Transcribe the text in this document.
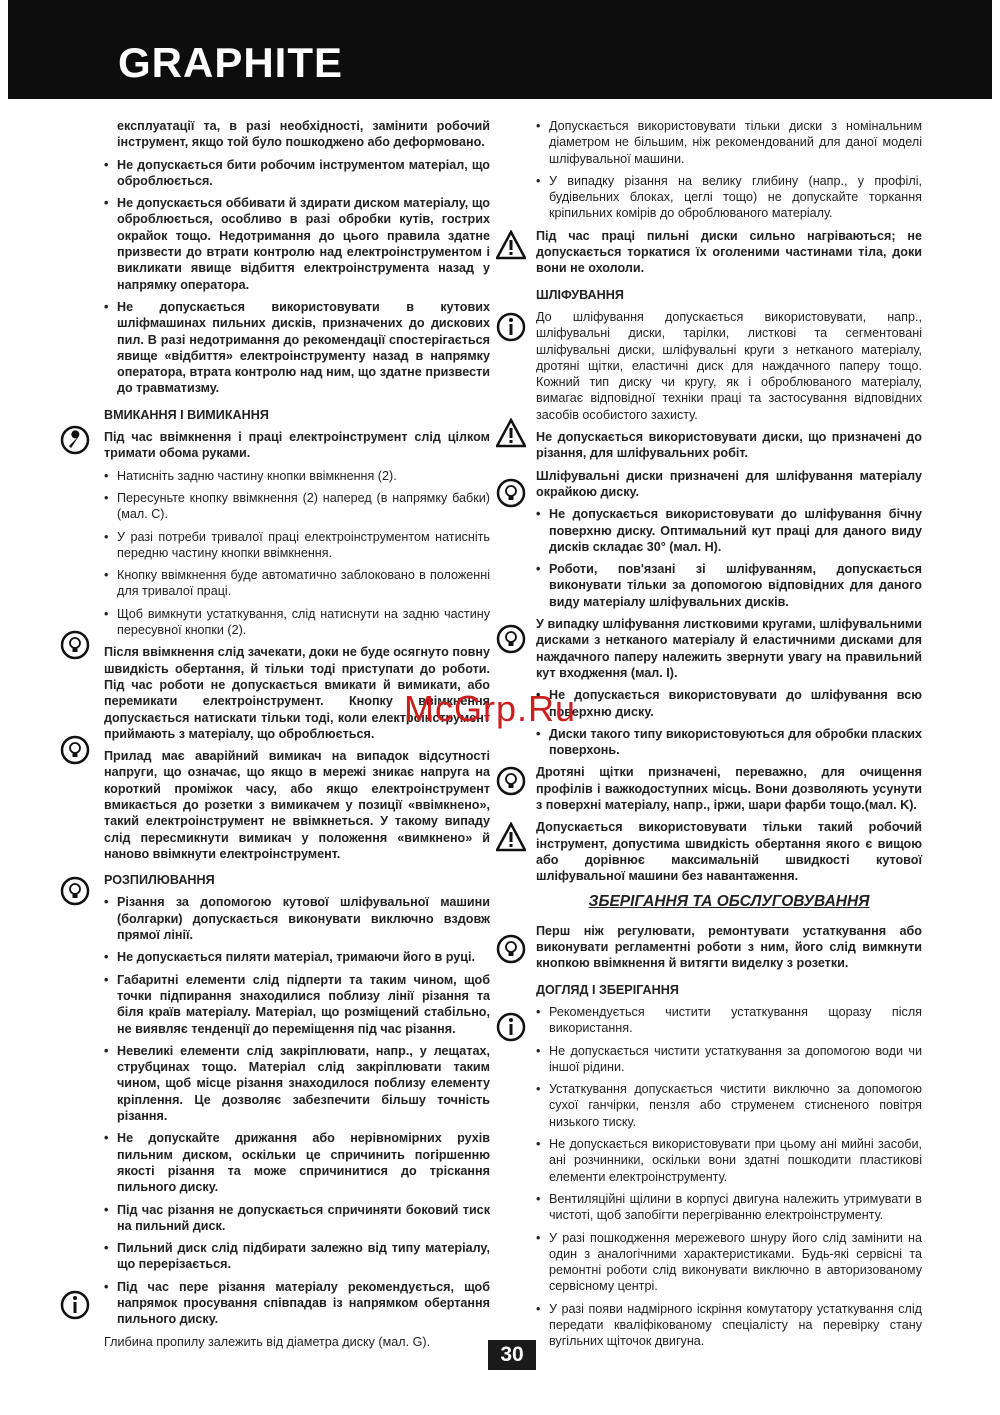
GRAPHITE
експлуатації та, в разі необхідності, замінити робочий інструмент, якщо той було пошкоджено або деформовано.
• Не допускається бити робочим інструментом матеріал, що оброблюється.
• Не допускається оббивати й здирати диском матеріалу, що оброблюється, особливо в разі обробки кутів, гострих окрайок тощо. Недотримання до цього правила здатне призвести до втрати контролю над електроінструментом і викликати явище відбиття електроінструмента назад у напрямку оператора.
• Не допускається використовувати в кутових шліфмашинах пильних дисків, призначених до дискових пил. В разі недотримання до рекомендації спостерігається явище «відбиття» електроінструменту назад в напрямку оператора, втрата контролю над ним, що здатне призвести до травматизму.
ВМИКАННЯ І ВИМИКАННЯ
Під час ввімкнення і праці електроінструмент слід цілком тримати обома руками.
• Натисніть задню частину кнопки ввімкнення (2).
• Пересуньте кнопку ввімкнення (2) наперед (в напрямку бабки) (мал. C).
• У разі потреби тривалої праці електроінструментом натисніть передню частину кнопки ввімкнення.
• Кнопку ввімкнення буде автоматично заблоковано в положенні для тривалої праці.
• Щоб вимкнути устаткування, слід натиснути на задню частину пересувної кнопки (2).
Після ввімкнення слід зачекати, доки не буде осягнуто повну швидкість обертання, й тільки тоді приступати до роботи. Під час роботи не допускається вмикати й вимикати, або перемикати електроінструмент. Кнопку ввімкнення допускається натискати тільки тоді, коли електроінструмент приймають з матеріалу, що оброблюється.
Прилад має аварійний вимикач на випадок відсутності напруги, що означає, що якщо в мережі зникає напруга на короткий проміжок часу, або якщо електроінструмент вмикається до розетки з вимикачем у позиції «ввімкнено», такий електроінструмент не ввімкнеться. У такому випаду слід пересмикнути вимикач у положення «вимкнено» й наново ввімкнути електроінструмент.
РОЗПИЛЮВАННЯ
• Різання за допомогою кутової шліфувальної машини (болгарки) допускається виконувати виключно вздовж прямої лінії.
• Не допускається пиляти матеріал, тримаючи його в руці.
• Габаритні елементи слід підперти та таким чином, щоб точки підпирання знаходилися поблизу лінії різання та біля країв матеріалу. Матеріал, що розміщений стабільно, не виявляє тенденції до переміщення під час різання.
• Невеликі елементи слід закріплювати, напр., у лещатах, струбцинах тощо. Матеріал слід закріплювати таким чином, щоб місце різання знаходилося поблизу елементу кріплення. Це дозволяє забезпечити більшу точність різання.
• Не допускайте дрижання або нерівномірних рухів пильним диском, оскільки це спричинить погіршенню якості різання та може спричинитися до тріскання пильного диску.
• Під час різання не допускається спричиняти боковий тиск на пильний диск.
• Пильний диск слід підбирати залежно від типу матеріалу, що перерізається.
• Під час пере різання матеріалу рекомендується, щоб напрямок просування співпадав із напрямком обертання пильного диску.
Глибина пропилу залежить від діаметра диску (мал. G).
• Допускається використовувати тільки диски з номінальним діаметром не більшим, ніж рекомендований для даної моделі шліфувальної машини.
• У випадку різання на велику глибину (напр., у профілі, будівельних блоках, цеглі тощо) не допускайте торкання кріпильних комірів до оброблюваного матеріалу.
Під час праці пильні диски сильно нагріваються; не допускається торкатися їх оголеними частинами тіла, доки вони не охололи.
ШЛІФУВАННЯ
До шліфування допускається використовувати, напр., шліфувальні диски, тарілки, листкові та сегментовані шліфувальні диски, шліфувальні круги з нетканого матеріалу, дротяні щітки, еластичні диск для наждачного паперу тощо. Кожний тип диску чи кругу, як і оброблюваного матеріалу, вимагає відповідної техніки праці та застосування відповідних засобів особистого захисту.
Не допускається використовувати диски, що призначені до різання, для шліфувальних робіт.
Шліфувальні диски призначені для шліфування матеріалу окрайкою диску.
• Не допускається використовувати до шліфування бічну поверхню диску. Оптимальний кут праці для даного виду дисків складає 30° (мал. H).
• Роботи, пов'язані зі шліфуванням, допускається виконувати тільки за допомогою відповідних для даного виду матеріалу шліфувальних дисків.
У випадку шліфування листковими кругами, шліфувальними дисками з нетканого матеріалу й еластичними дисками для наждачного паперу належить звернути увагу на правильний кут входження (мал. I).
• Не допускається використовувати до шліфування всю поверхню диску.
• Диски такого типу використовуються для обробки пласких поверхонь.
Дротяні щітки призначені, переважно, для очищення профілів і важкодоступних місць. Вони дозволяють усунути з поверхні матеріалу, напр., іржи, шари фарби тощо.(мал. K).
Допускається використовувати тільки такий робочий інструмент, допустима швидкість обертання якого є вищою або дорівнює максимальній швидкості кутової шліфувальної машини без навантаження.
ЗБЕРІГАННЯ ТА ОБСЛУГОВУВАННЯ
Перш ніж регулювати, ремонтувати устаткування або виконувати регламентні роботи з ним, його слід вимкнути кнопкою ввімкнення й витягти виделку з розетки.
ДОГЛЯД І ЗБЕРІГАННЯ
• Рекомендується чистити устаткування щоразу після використання.
• Не допускається чистити устаткування за допомогою води чи іншої рідини.
• Устаткування допускається чистити виключно за допомогою сухої ганчірки, пензля або струменем стисненого повітря низького тиску.
• Не допускається використовувати при цьому ані мийні засоби, ані розчинники, оскільки вони здатні пошкодити пластикові елементи електроінструменту.
• Вентиляційні щілини в корпусі двигуна належить утримувати в чистоті, щоб запобігти перегріванню електроінструменту.
• У разі пошкодження мережевого шнуру його слід замінити на один з аналогічними характеристиками. Будь-які сервісні та ремонтні роботи слід виконувати виключно в авторизованому сервісному центрі.
• У разі появи надмірного іскріння комутатору устаткування слід передати кваліфікованому спеціалісту на перевірку стану вугільних щіточок двигуна.
McGrp.Ru
30
